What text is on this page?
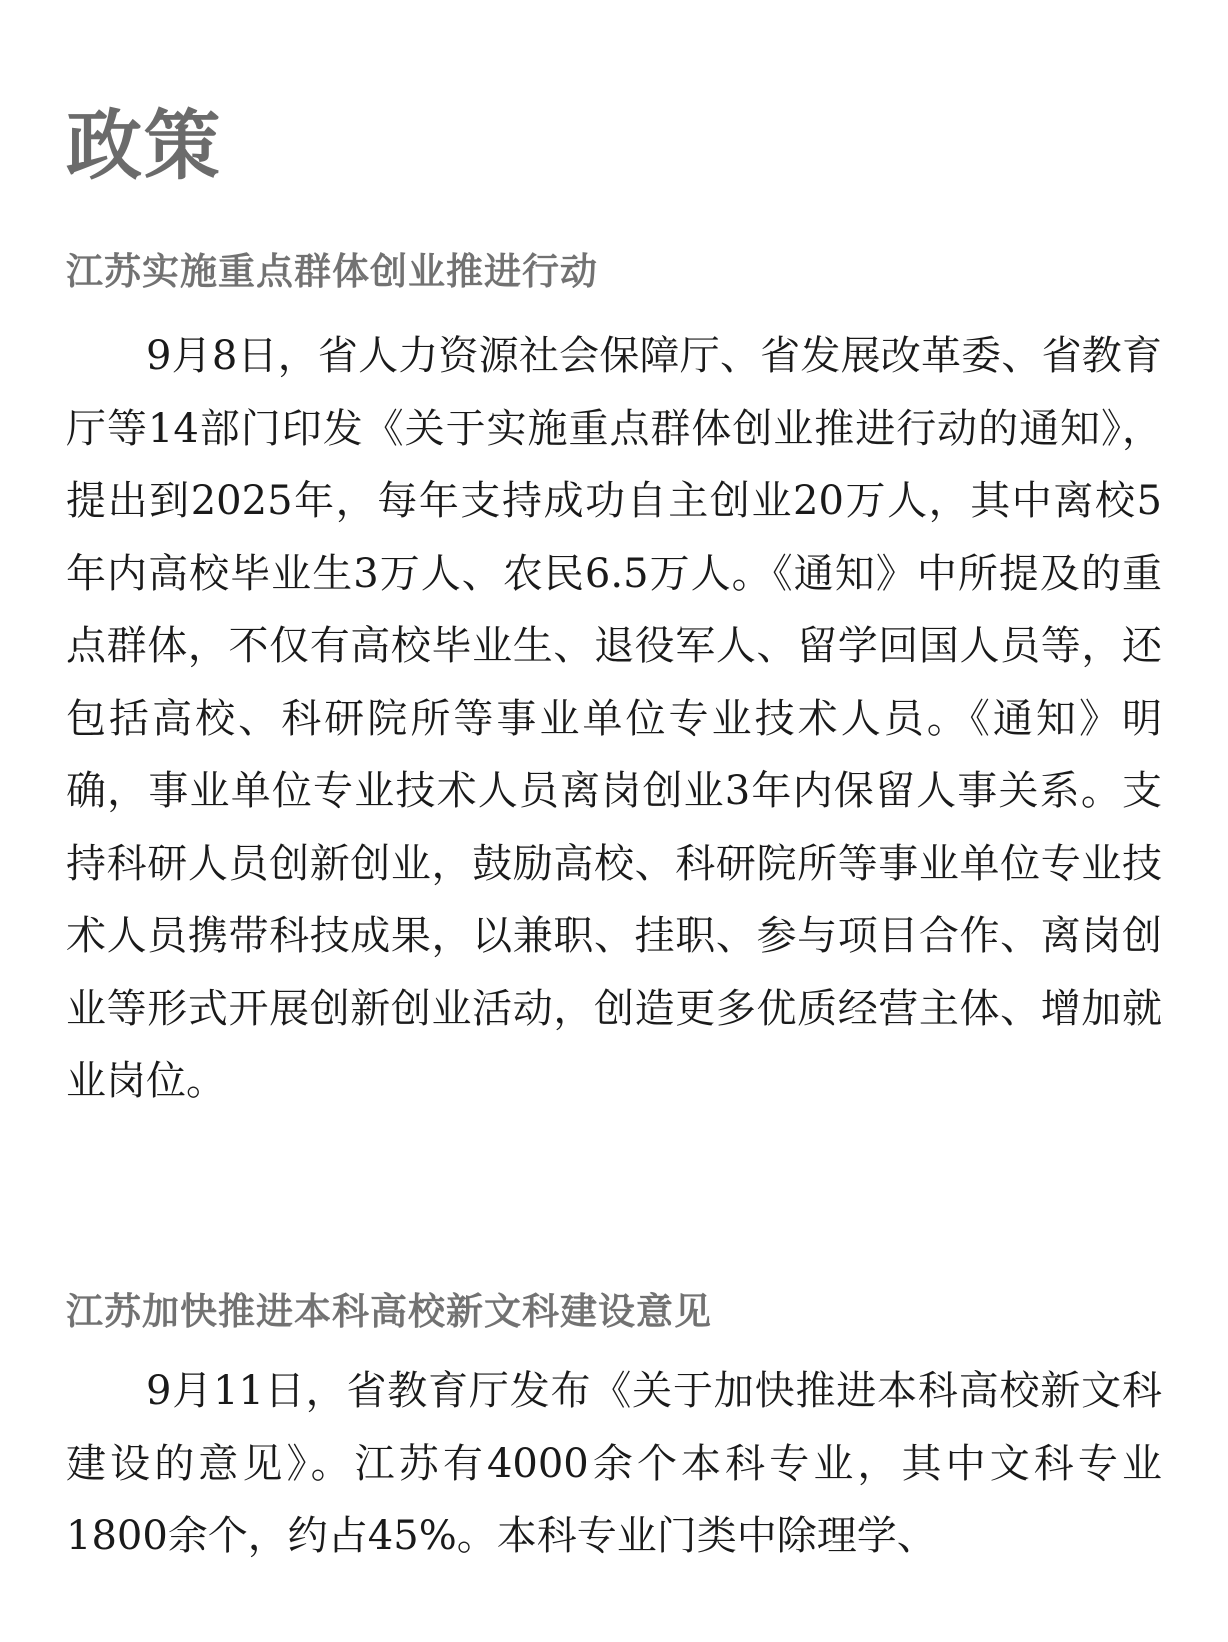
政策
江苏实施重点群体创业推进行动

9月8日，省人力资源社会保障厅、省发展改革委、省教育厅等14部门印发《关于实施重点群体创业推进行动的通知》，提出到2025年，每年支持成功自主创业20万人，其中离校5年内高校毕业生3万人、农民6.5万人。《通知》中所提及的重点群体，不仅有高校毕业生、退役军人、留学回国人员等，还包括高校、科研院所等事业单位专业技术人员。《通知》明确，事业单位专业技术人员离岗创业3年内保留人事关系。支持科研人员创新创业，鼓励高校、科研院所等事业单位专业技术人员携带科技成果，以兼职、挂职、参与项目合作、离岗创业等形式开展创新创业活动，创造更多优质经营主体、增加就业岗位。

江苏加快推进本科高校新文科建设意见

9月11日，省教育厅发布《关于加快推进本科高校新文科建设的意见》。江苏有4000余个本科专业，其中文科专业1800余个，约占45%。本科专业门类中除理学、
